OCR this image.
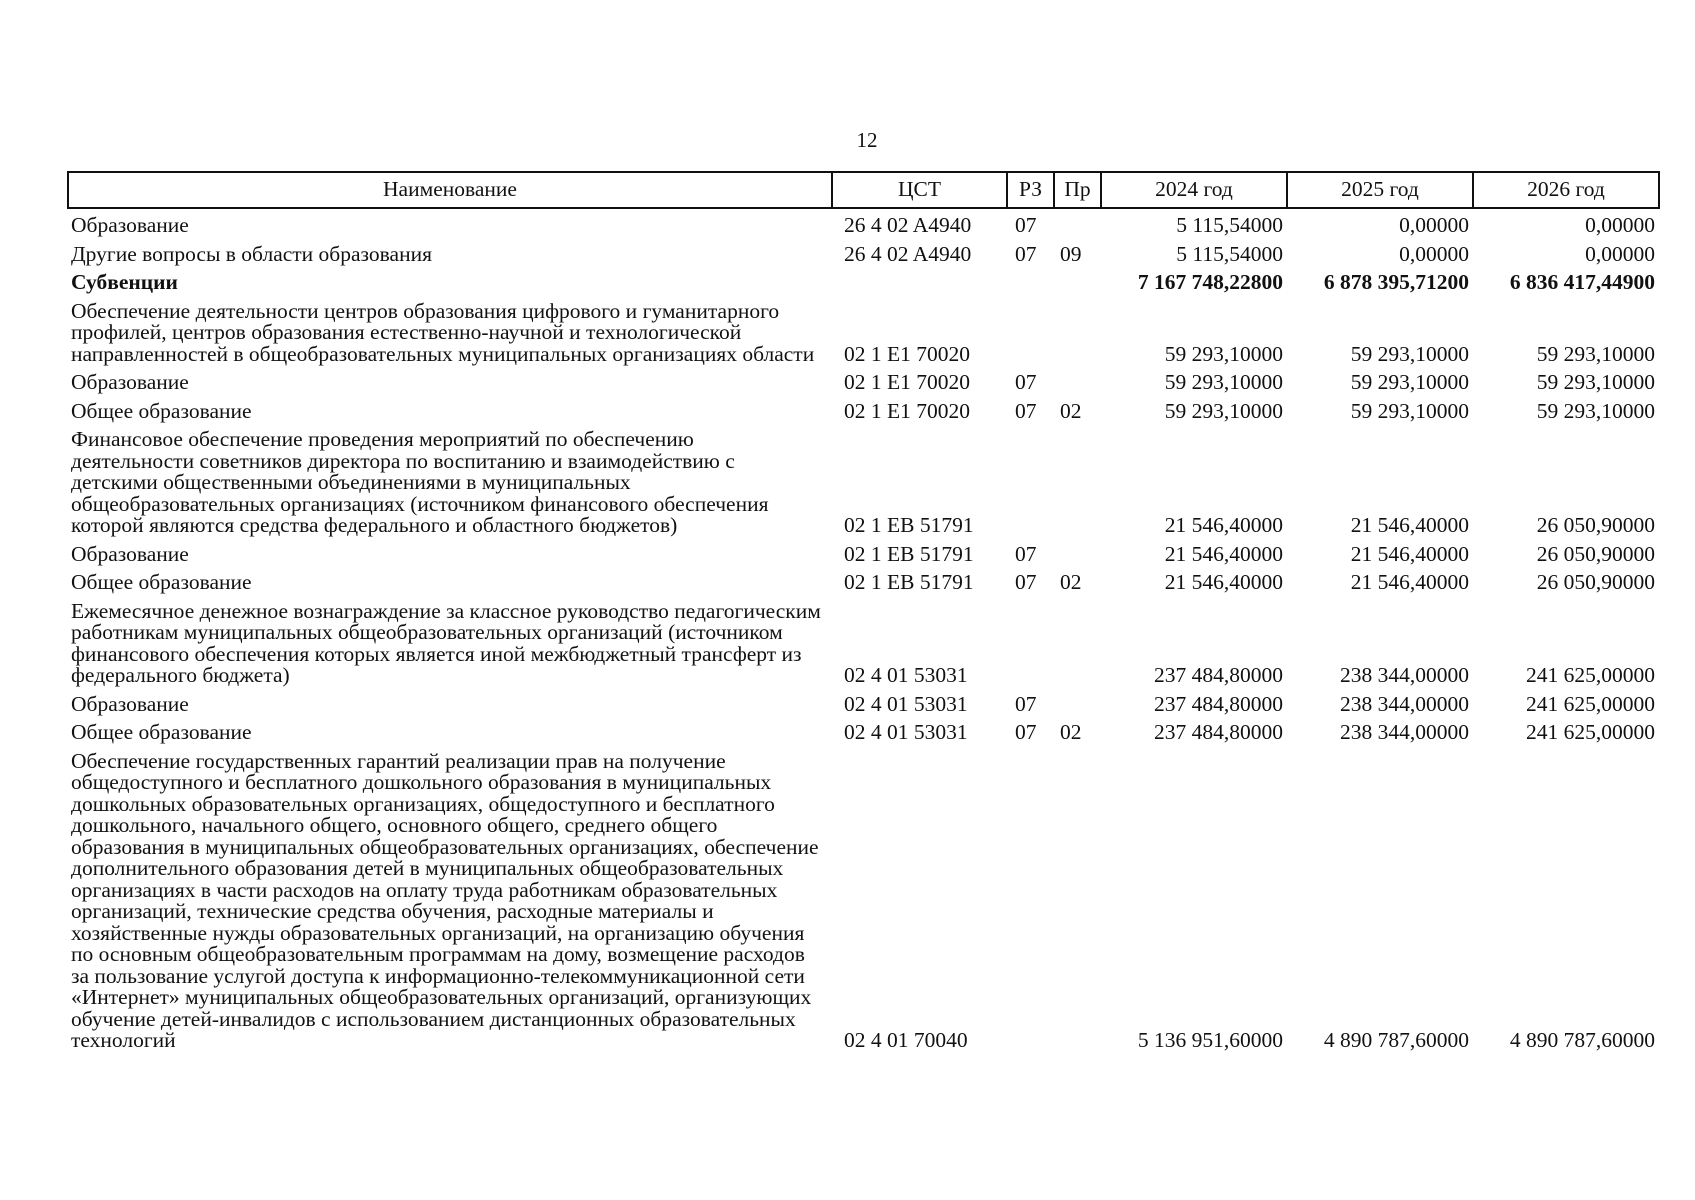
12
Наименование	ЦСТ	РЗ	Пр	2024 год	2025 год	2026 год
Образование	26 4 02 A4940	07		5 115,54000	0,00000	0,00000
Другие вопросы в области образования	26 4 02 A4940	07	09	5 115,54000	0,00000	0,00000
Субвенции				7 167 748,22800	6 878 395,71200	6 836 417,44900
Обеспечение деятельности центров образования цифрового и гуманитарного профилей, центров образования естественно-научной и технологической направленностей в общеобразовательных муниципальных организациях области	02 1 E1 70020			59 293,10000	59 293,10000	59 293,10000
Образование	02 1 E1 70020	07		59 293,10000	59 293,10000	59 293,10000
Общее образование	02 1 E1 70020	07	02	59 293,10000	59 293,10000	59 293,10000
Финансовое обеспечение проведения мероприятий по обеспечению деятельности советников директора по воспитанию и взаимодействию с детскими общественными объединениями в муниципальных общеобразовательных организациях (источником финансового обеспечения которой являются средства федерального и областного бюджетов)	02 1 EB 51791			21 546,40000	21 546,40000	26 050,90000
Образование	02 1 EB 51791	07		21 546,40000	21 546,40000	26 050,90000
Общее образование	02 1 EB 51791	07	02	21 546,40000	21 546,40000	26 050,90000
Ежемесячное денежное вознаграждение за классное руководство педагогическим работникам муниципальных общеобразовательных организаций (источником финансового обеспечения которых является иной межбюджетный трансферт из федерального бюджета)	02 4 01 53031			237 484,80000	238 344,00000	241 625,00000
Образование	02 4 01 53031	07		237 484,80000	238 344,00000	241 625,00000
Общее образование	02 4 01 53031	07	02	237 484,80000	238 344,00000	241 625,00000
Обеспечение государственных гарантий реализации прав на получение общедоступного и бесплатного дошкольного образования в муниципальных дошкольных образовательных организациях, общедоступного и бесплатного дошкольного, начального общего, основного общего, среднего общего образования в муниципальных общеобразовательных организациях, обеспечение дополнительного образования детей в муниципальных общеобразовательных организациях в части расходов на оплату труда работникам образовательных организаций, технические средства обучения, расходные материалы и хозяйственные нужды образовательных организаций, на организацию обучения по основным общеобразовательным программам на дому, возмещение расходов за пользование услугой доступа к информационно-телекоммуникационной сети «Интернет» муниципальных общеобразовательных организаций, организующих обучение детей-инвалидов с использованием дистанционных образовательных технологий	02 4 01 70040			5 136 951,60000	4 890 787,60000	4 890 787,60000
